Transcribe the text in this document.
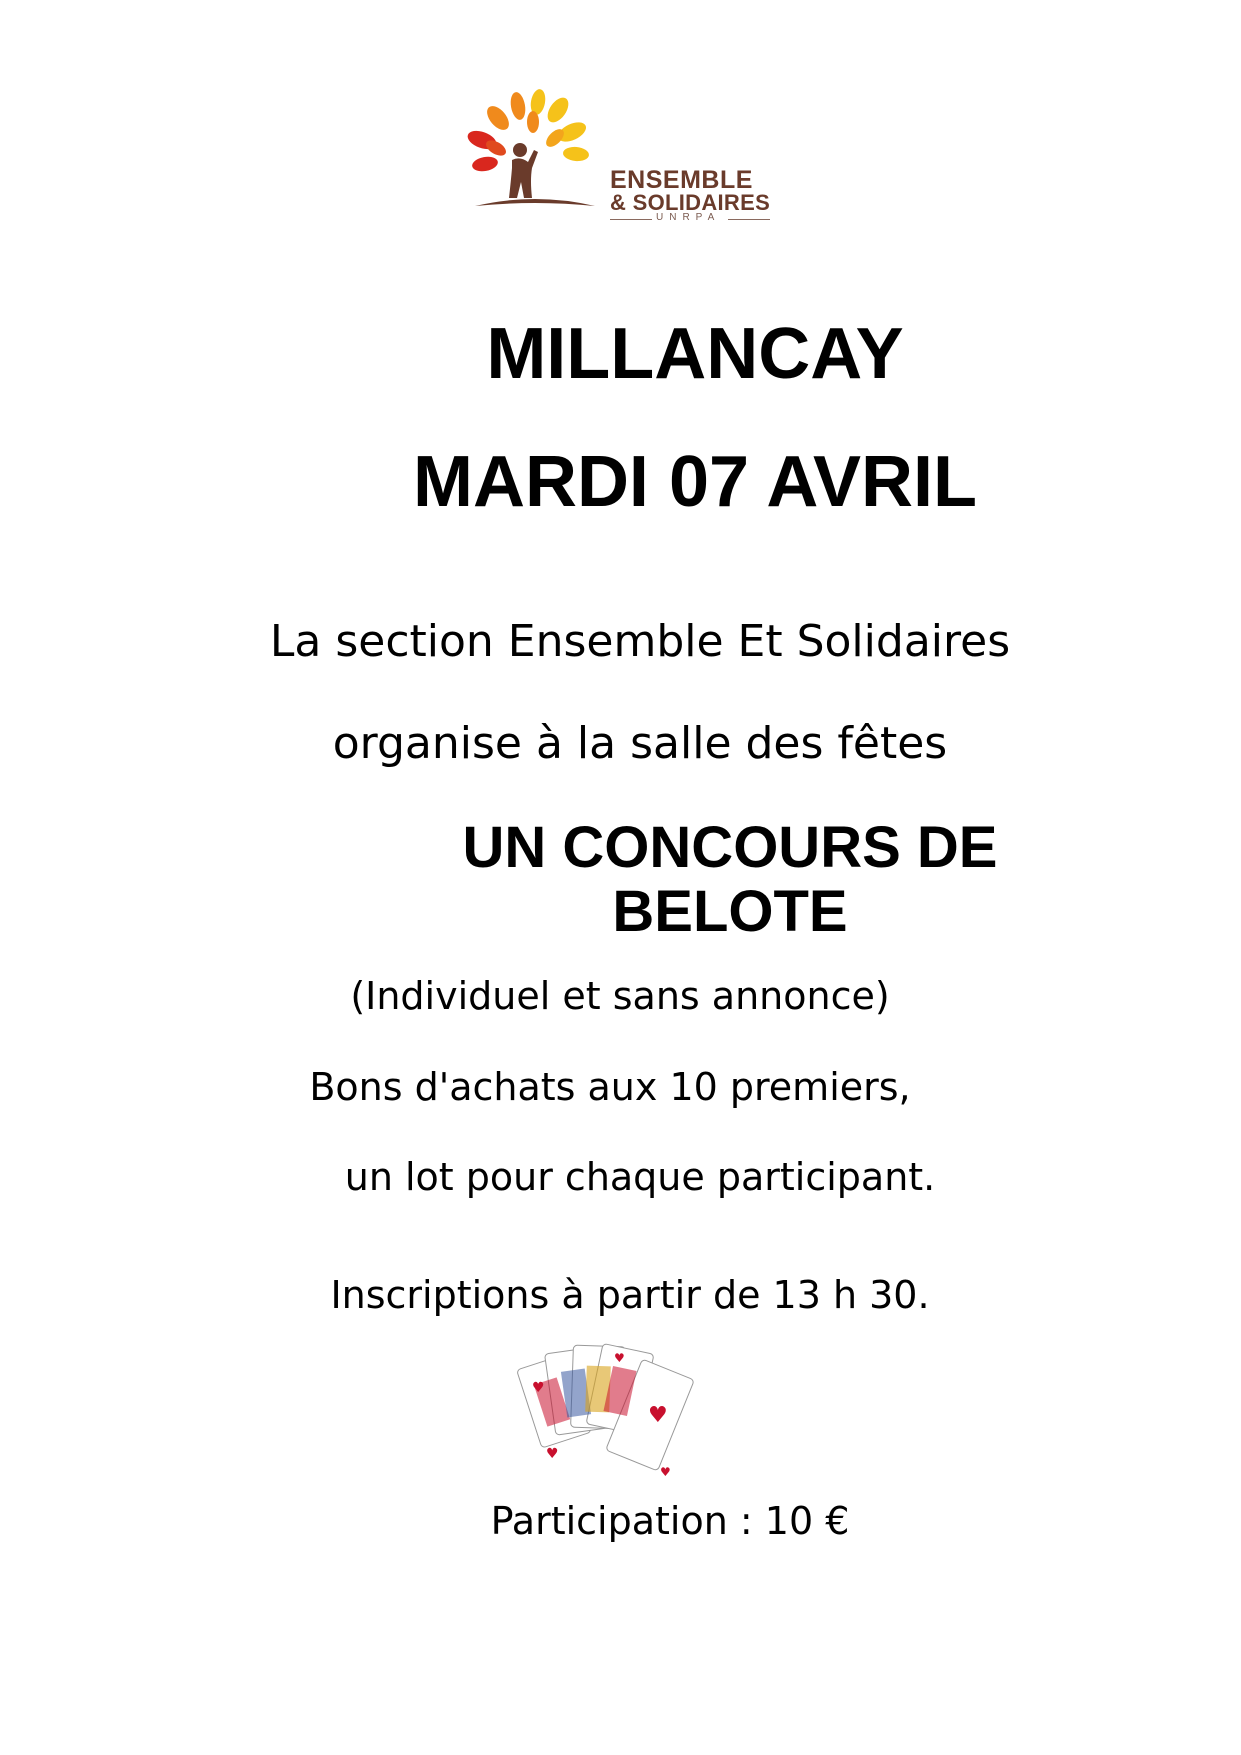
ENSEMBLE
& SOLIDAIRES
UNRPA
MILLANCAY
MARDI 07 AVRIL
La section Ensemble Et Solidaires
organise à la salle des fêtes
UN CONCOURS DE
BELOTE
(Individuel et sans annonce)
Bons d'achats aux 10 premiers,
un lot pour chaque participant.
Inscriptions à partir de 13 h 30.
♥
♥
♥
♥
♥
Participation : 10 €
